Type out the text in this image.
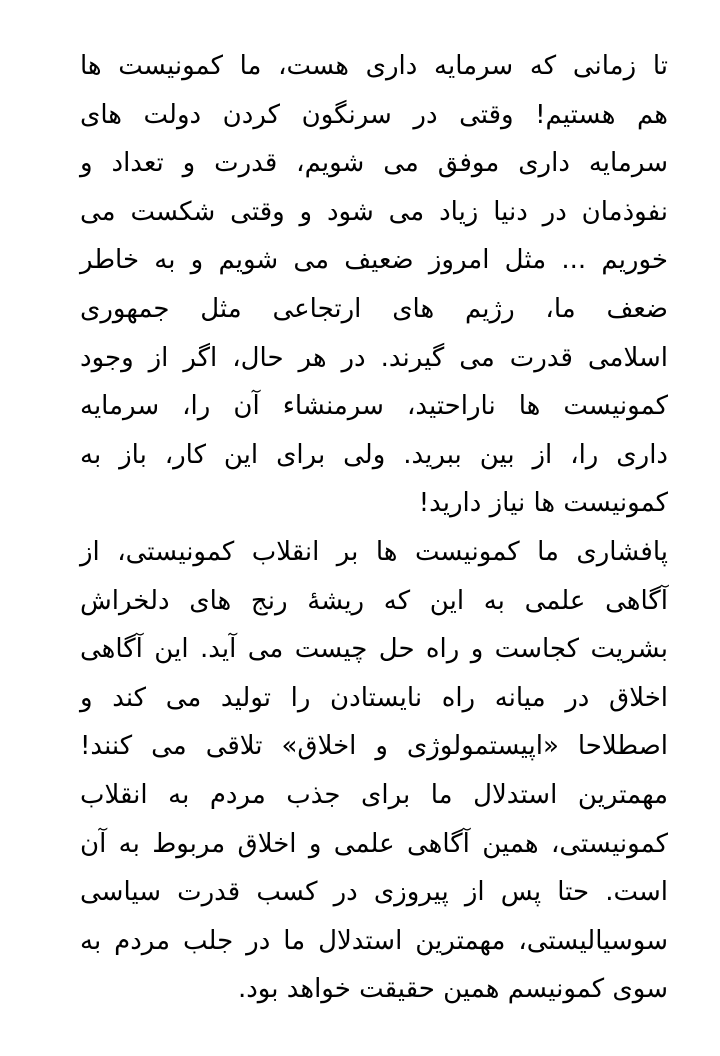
تا زمانی که سرمایه داری هست، ما کمونیست ها
هم هستیم! وقتی در سرنگون کردن دولت های
سرمایه داری موفق می شویم، قدرت و تعداد و
نفوذمان در دنیا زیاد می شود و وقتی شکست می
خوریم ... مثل امروز ضعیف می شویم و به خاطر
ضعف ما، رژیم های ارتجاعی مثل جمهوری
اسلامی قدرت می گیرند. در هر حال، اگر از وجود
کمونیست ها ناراحتید، سرمنشاء آن را، سرمایه
داری را، از بین ببرید. ولی برای این کار، باز به
کمونیست ها نیاز دارید!
پافشاری ما کمونیست ها بر انقلاب کمونیستی، از
آگاهی علمی به این که ریشهٔ رنج های دلخراش
بشریت کجاست و راه حل چیست می آید. این آگاهی
اخلاق در میانه راه نایستادن را تولید می کند و
اصطلاحا «اپیستمولوژی و اخلاق» تلاقی می کنند!
مهمترین استدلال ما برای جذب مردم به انقلاب
کمونیستی، همین آگاهی علمی و اخلاق مربوط به آن
است. حتا پس از پیروزی در کسب قدرت سیاسی
سوسیالیستی، مهمترین استدلال ما در جلب مردم به
سوی کمونیسم همین حقیقت خواهد بود.
